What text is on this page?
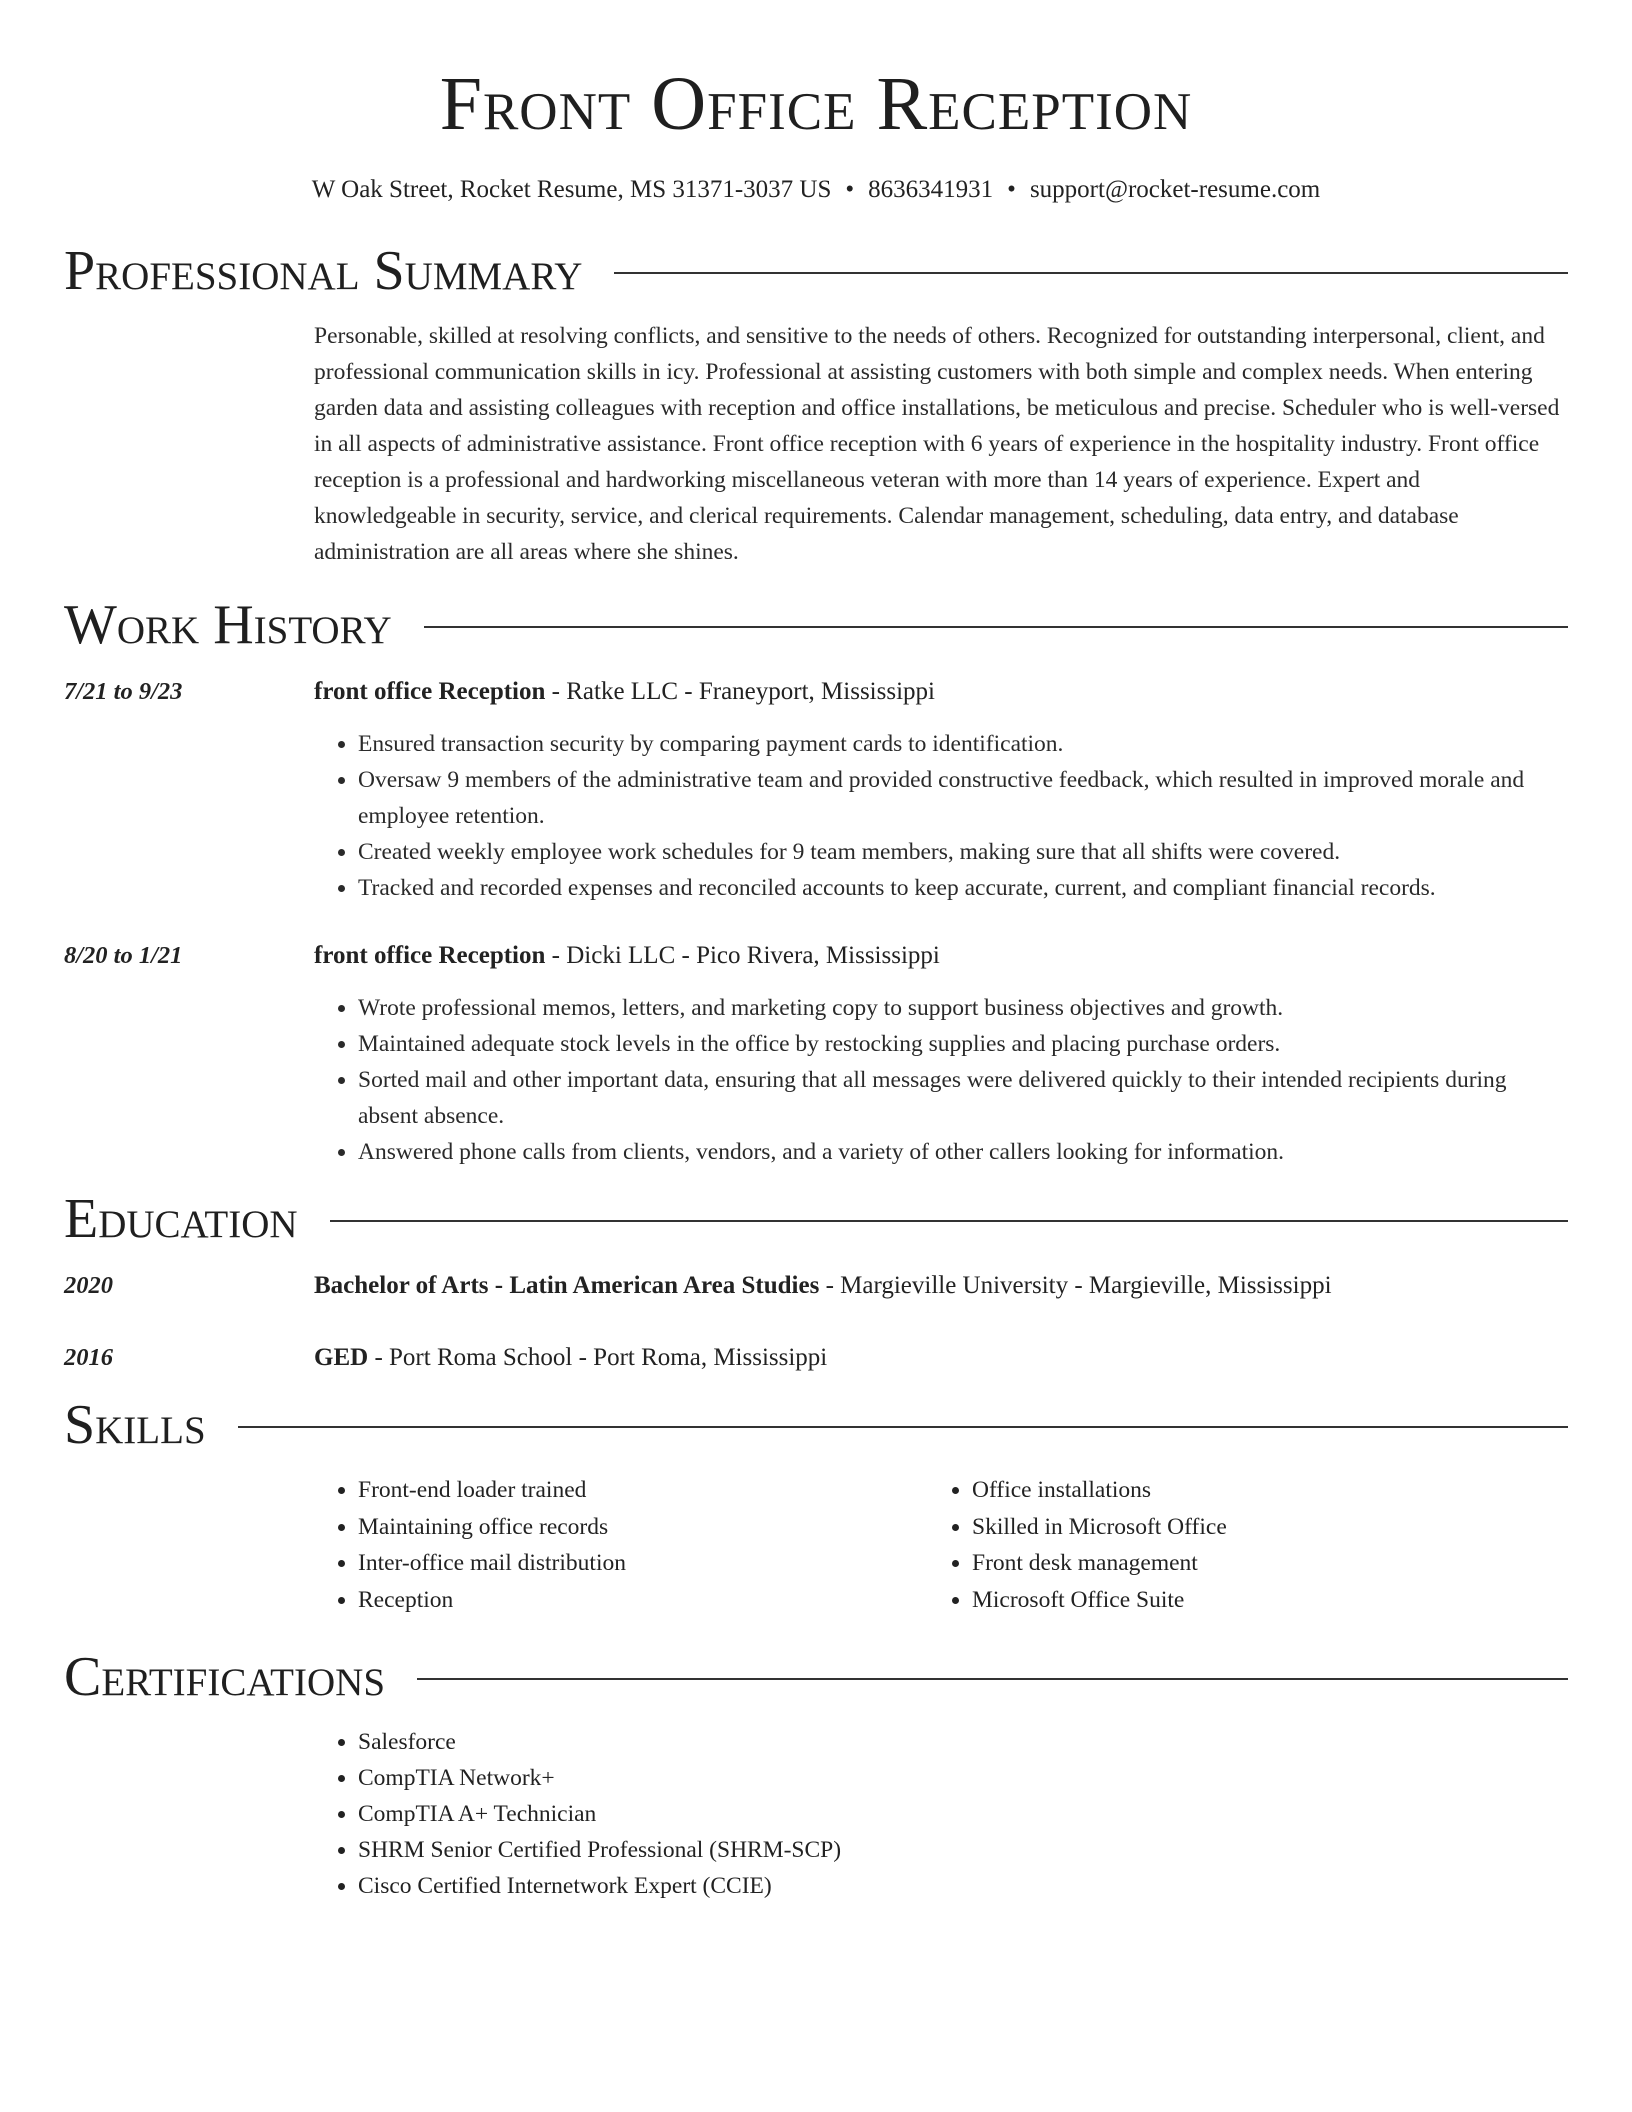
Front Office Reception
W Oak Street, Rocket Resume, MS 31371-3037 US • 8636341931 • support@rocket-resume.com
Professional Summary
Personable, skilled at resolving conflicts, and sensitive to the needs of others. Recognized for outstanding interpersonal, client, and professional communication skills in icy. Professional at assisting customers with both simple and complex needs. When entering garden data and assisting colleagues with reception and office installations, be meticulous and precise. Scheduler who is well-versed in all aspects of administrative assistance. Front office reception with 6 years of experience in the hospitality industry. Front office reception is a professional and hardworking miscellaneous veteran with more than 14 years of experience. Expert and knowledgeable in security, service, and clerical requirements. Calendar management, scheduling, data entry, and database administration are all areas where she shines.
Work History
7/21 to 9/23	front office Reception - Ratke LLC - Franeyport, Mississippi
• Ensured transaction security by comparing payment cards to identification.
• Oversaw 9 members of the administrative team and provided constructive feedback, which resulted in improved morale and employee retention.
• Created weekly employee work schedules for 9 team members, making sure that all shifts were covered.
• Tracked and recorded expenses and reconciled accounts to keep accurate, current, and compliant financial records.
8/20 to 1/21	front office Reception - Dicki LLC - Pico Rivera, Mississippi
• Wrote professional memos, letters, and marketing copy to support business objectives and growth.
• Maintained adequate stock levels in the office by restocking supplies and placing purchase orders.
• Sorted mail and other important data, ensuring that all messages were delivered quickly to their intended recipients during absent absence.
• Answered phone calls from clients, vendors, and a variety of other callers looking for information.
Education
2020	Bachelor of Arts - Latin American Area Studies - Margieville University - Margieville, Mississippi
2016	GED - Port Roma School - Port Roma, Mississippi
Skills
• Front-end loader trained
• Maintaining office records
• Inter-office mail distribution
• Reception
• Office installations
• Skilled in Microsoft Office
• Front desk management
• Microsoft Office Suite
Certifications
• Salesforce
• CompTIA Network+
• CompTIA A+ Technician
• SHRM Senior Certified Professional (SHRM-SCP)
• Cisco Certified Internetwork Expert (CCIE)
